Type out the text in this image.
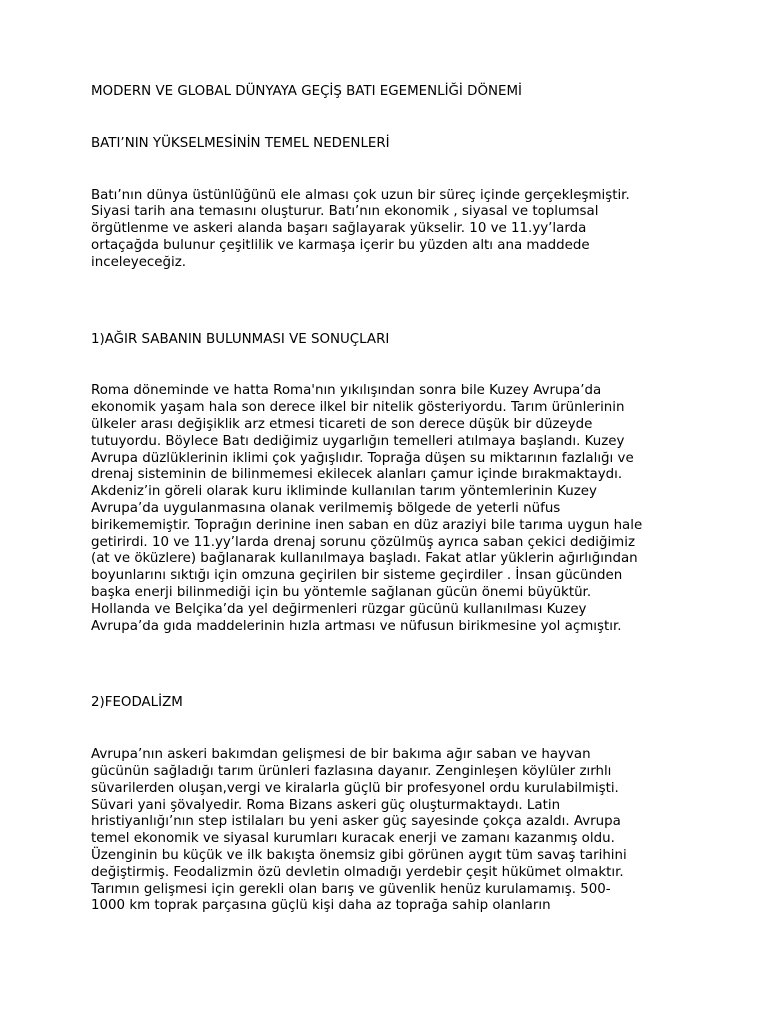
MODERN VE GLOBAL DÜNYAYA GEÇİŞ BATI EGEMENLİĞİ DÖNEMİ

BATI’NIN YÜKSELMESİNİN TEMEL NEDENLERİ

Batı’nın dünya üstünlüğünü ele alması çok uzun bir süreç içinde gerçekleşmiştir.
Siyasi tarih ana temasını oluşturur. Batı’nın ekonomik , siyasal ve toplumsal
örgütlenme ve askeri alanda başarı sağlayarak yükselir. 10 ve 11.yy’larda
ortaçağda bulunur çeşitlilik ve karmaşa içerir bu yüzden altı ana maddede
inceleyeceğiz.

1)AĞIR SABANIN BULUNMASI VE SONUÇLARI

Roma döneminde ve hatta Roma'nın yıkılışından sonra bile Kuzey Avrupa’da
ekonomik yaşam hala son derece ilkel bir nitelik gösteriyordu. Tarım ürünlerinin
ülkeler arası değişiklik arz etmesi ticareti de son derece düşük bir düzeyde
tutuyordu. Böylece Batı dediğimiz uygarlığın temelleri atılmaya başlandı. Kuzey
Avrupa düzlüklerinin iklimi çok yağışlıdır. Toprağa düşen su miktarının fazlalığı ve
drenaj sisteminin de bilinmemesi ekilecek alanları çamur içinde bırakmaktaydı.
Akdeniz’in göreli olarak kuru ikliminde kullanılan tarım yöntemlerinin Kuzey
Avrupa’da uygulanmasına olanak verilmemiş bölgede de yeterli nüfus
birikememiştir. Toprağın derinine inen saban en düz araziyi bile tarıma uygun hale
getirirdi. 10 ve 11.yy’larda drenaj sorunu çözülmüş ayrıca saban çekici dediğimiz
(at ve öküzlere) bağlanarak kullanılmaya başladı. Fakat atlar yüklerin ağırlığından
boyunlarını sıktığı için omzuna geçirilen bir sisteme geçirdiler . İnsan gücünden
başka enerji bilinmediği için bu yöntemle sağlanan gücün önemi büyüktür.
Hollanda ve Belçika’da yel değirmenleri rüzgar gücünü kullanılması Kuzey
Avrupa’da gıda maddelerinin hızla artması ve nüfusun birikmesine yol açmıştır.

2)FEODALİZM

Avrupa’nın askeri bakımdan gelişmesi de bir bakıma ağır saban ve hayvan
gücünün sağladığı tarım ürünleri fazlasına dayanır. Zenginleşen köylüler zırhlı
süvarilerden oluşan,vergi ve kiralarla güçlü bir profesyonel ordu kurulabilmişti.
Süvari yani şövalyedir. Roma Bizans askeri güç oluşturmaktaydı. Latin
hristiyanlığı’nın step istilaları bu yeni asker güç sayesinde çokça azaldı. Avrupa
temel ekonomik ve siyasal kurumları kuracak enerji ve zamanı kazanmış oldu.
Üzenginin bu küçük ve ilk bakışta önemsiz gibi görünen aygıt tüm savaş tarihini
değiştirmiş. Feodalizmin özü devletin olmadığı yerdebir çeşit hükümet olmaktır.
Tarımın gelişmesi için gerekli olan barış ve güvenlik henüz kurulamamış. 500-
1000 km toprak parçasına güçlü kişi daha az toprağa sahip olanların
